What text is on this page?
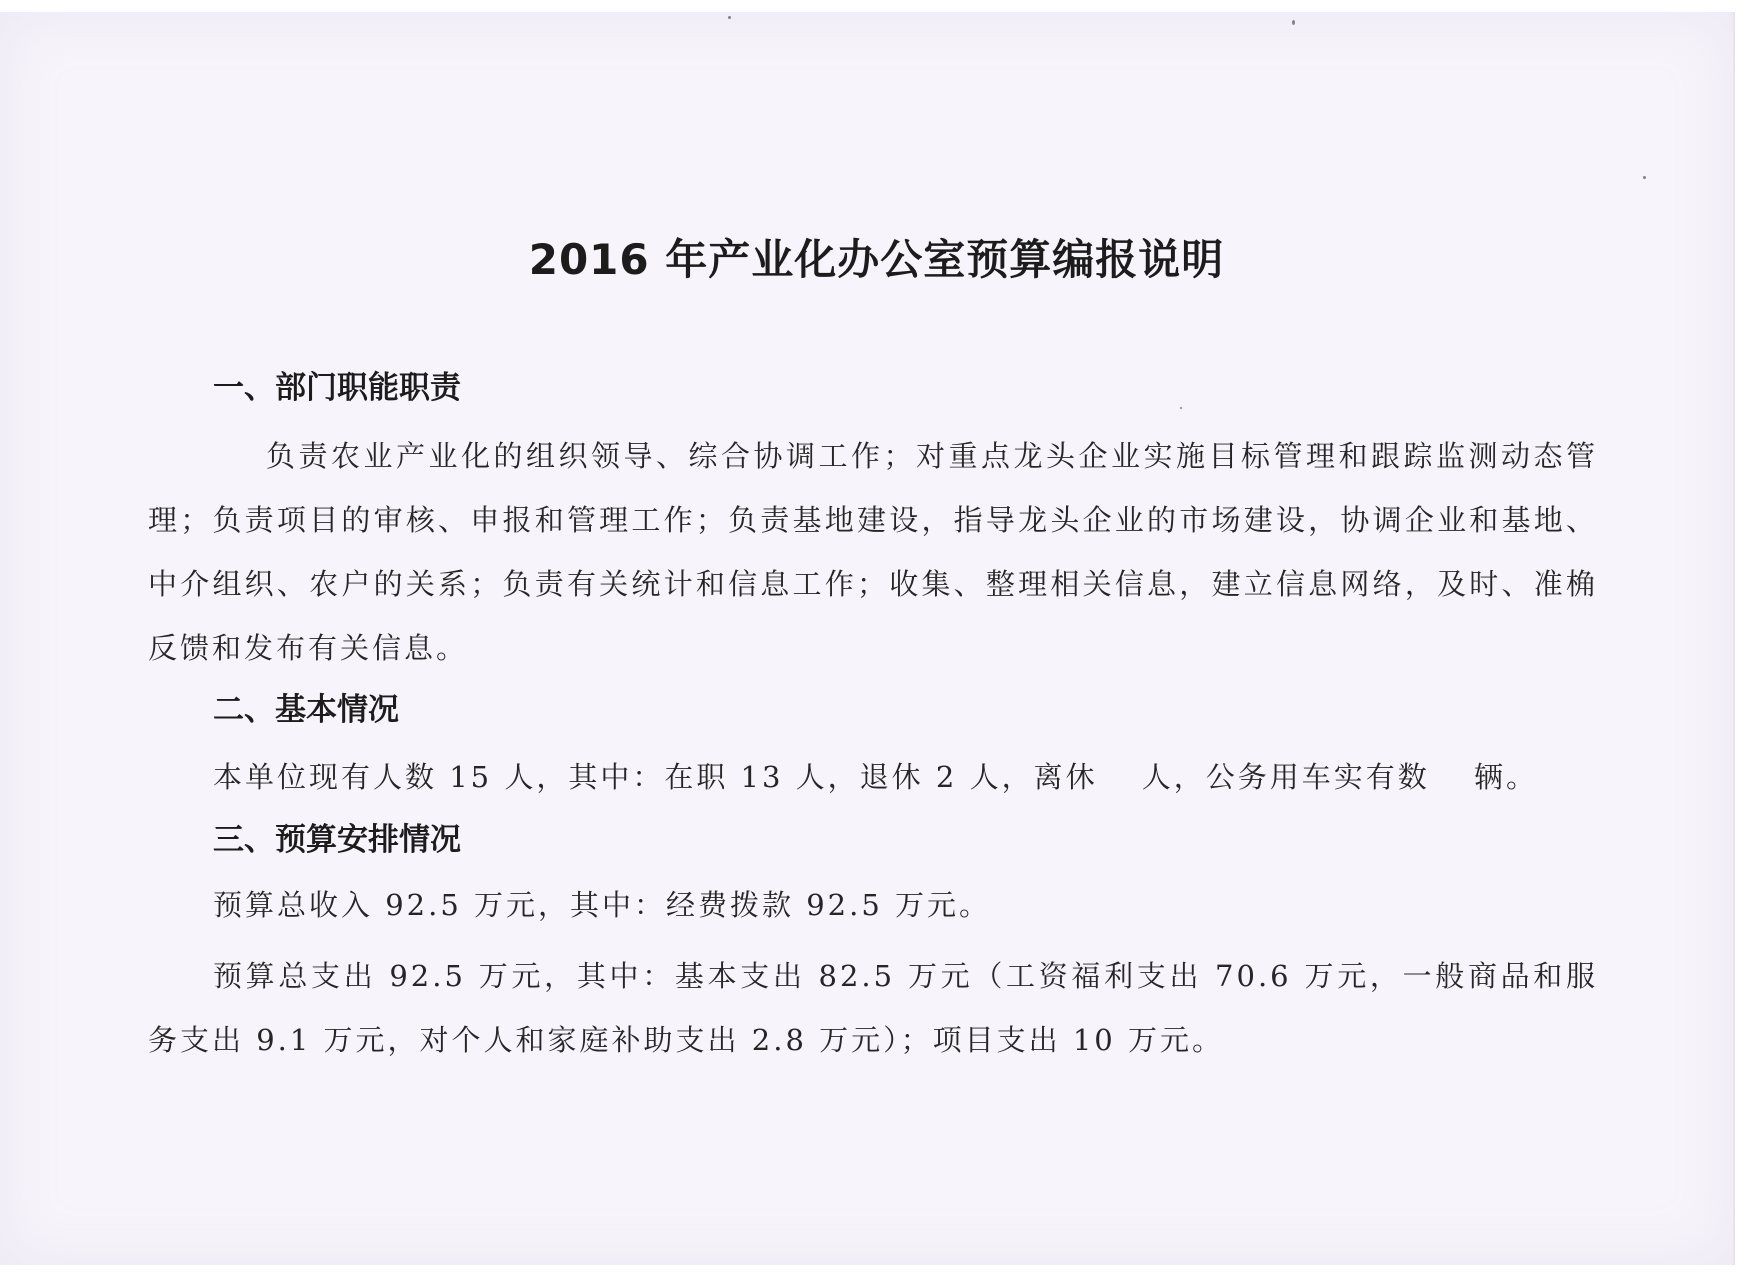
2016 年产业化办公室预算编报说明
一、部门职能职责
负责农业产业化的组织领导、综合协调工作；对重点龙头企业实施目标管理和跟踪监测动态管理；负责项目的审核、申报和管理工作；负责基地建设，指导龙头企业的市场建设，协调企业和基地、中介组织、农户的关系；负责有关统计和信息工作；收集、整理相关信息，建立信息网络，及时、准桷反馈和发布有关信息。
二、基本情况
本单位现有人数 15 人，其中：在职 13 人，退休 2 人，离休　 人，公务用车实有数　 辆。
三、预算安排情况
预算总收入 92.5 万元，其中：经费拨款 92.5 万元。
预算总支出 92.5 万元，其中：基本支出 82.5 万元（工资福利支出 70.6 万元，一般商品和服务支出 9.1 万元，对个人和家庭补助支出 2.8 万元）；项目支出 10 万元。
